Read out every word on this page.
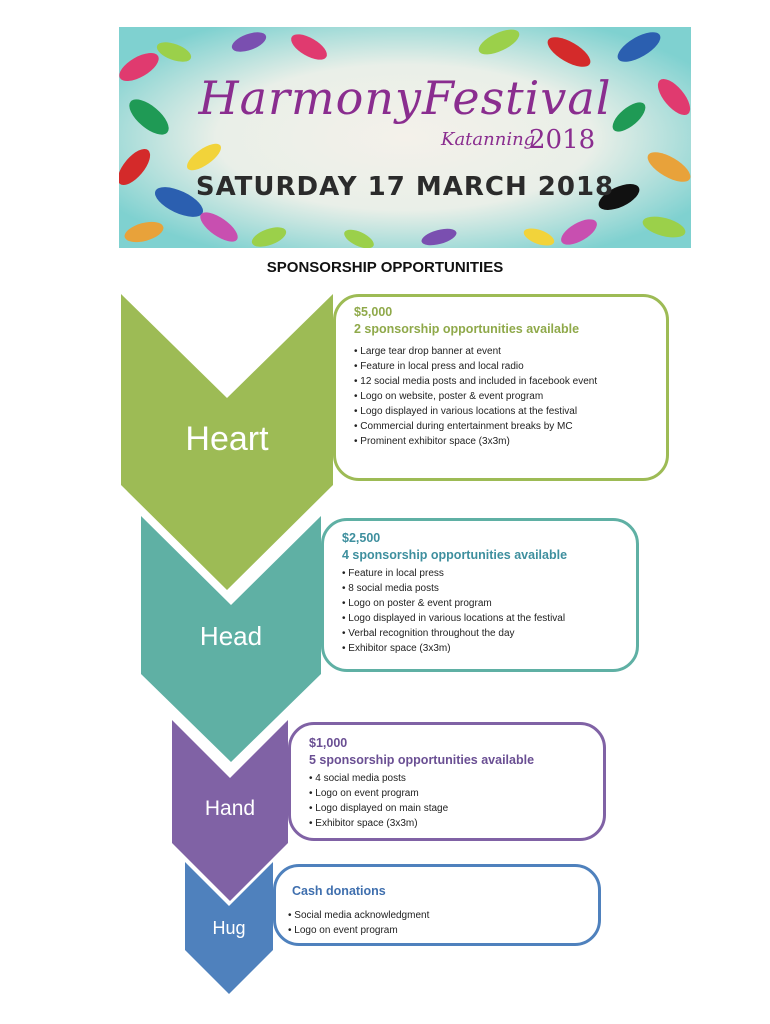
HarmonyFestival
Katanning
2018
SATURDAY 17 MARCH 2018
SPONSORSHIP OPPORTUNITIES
Heart
Head
Hand
Hug

$5,000

2 sponsorship opportunities available

• Large tear drop banner at event
• Feature in local press and local radio
• 12 social media posts and included in facebook event
• Logo on website, poster & event program
• Logo displayed in various locations at the festival
• Commercial during entertainment breaks by MC
• Prominent exhibitor space (3x3m)

$2,500

4 sponsorship opportunities available

• Feature in local press
• 8 social media posts
• Logo on poster & event program
• Logo displayed in various locations at the festival
• Verbal recognition throughout the day
• Exhibitor space (3x3m)

$1,000

5 sponsorship opportunities available

• 4 social media posts
• Logo on event program
• Logo displayed on main stage
• Exhibitor space (3x3m)

Cash donations

• Social media acknowledgment
• Logo on event program
